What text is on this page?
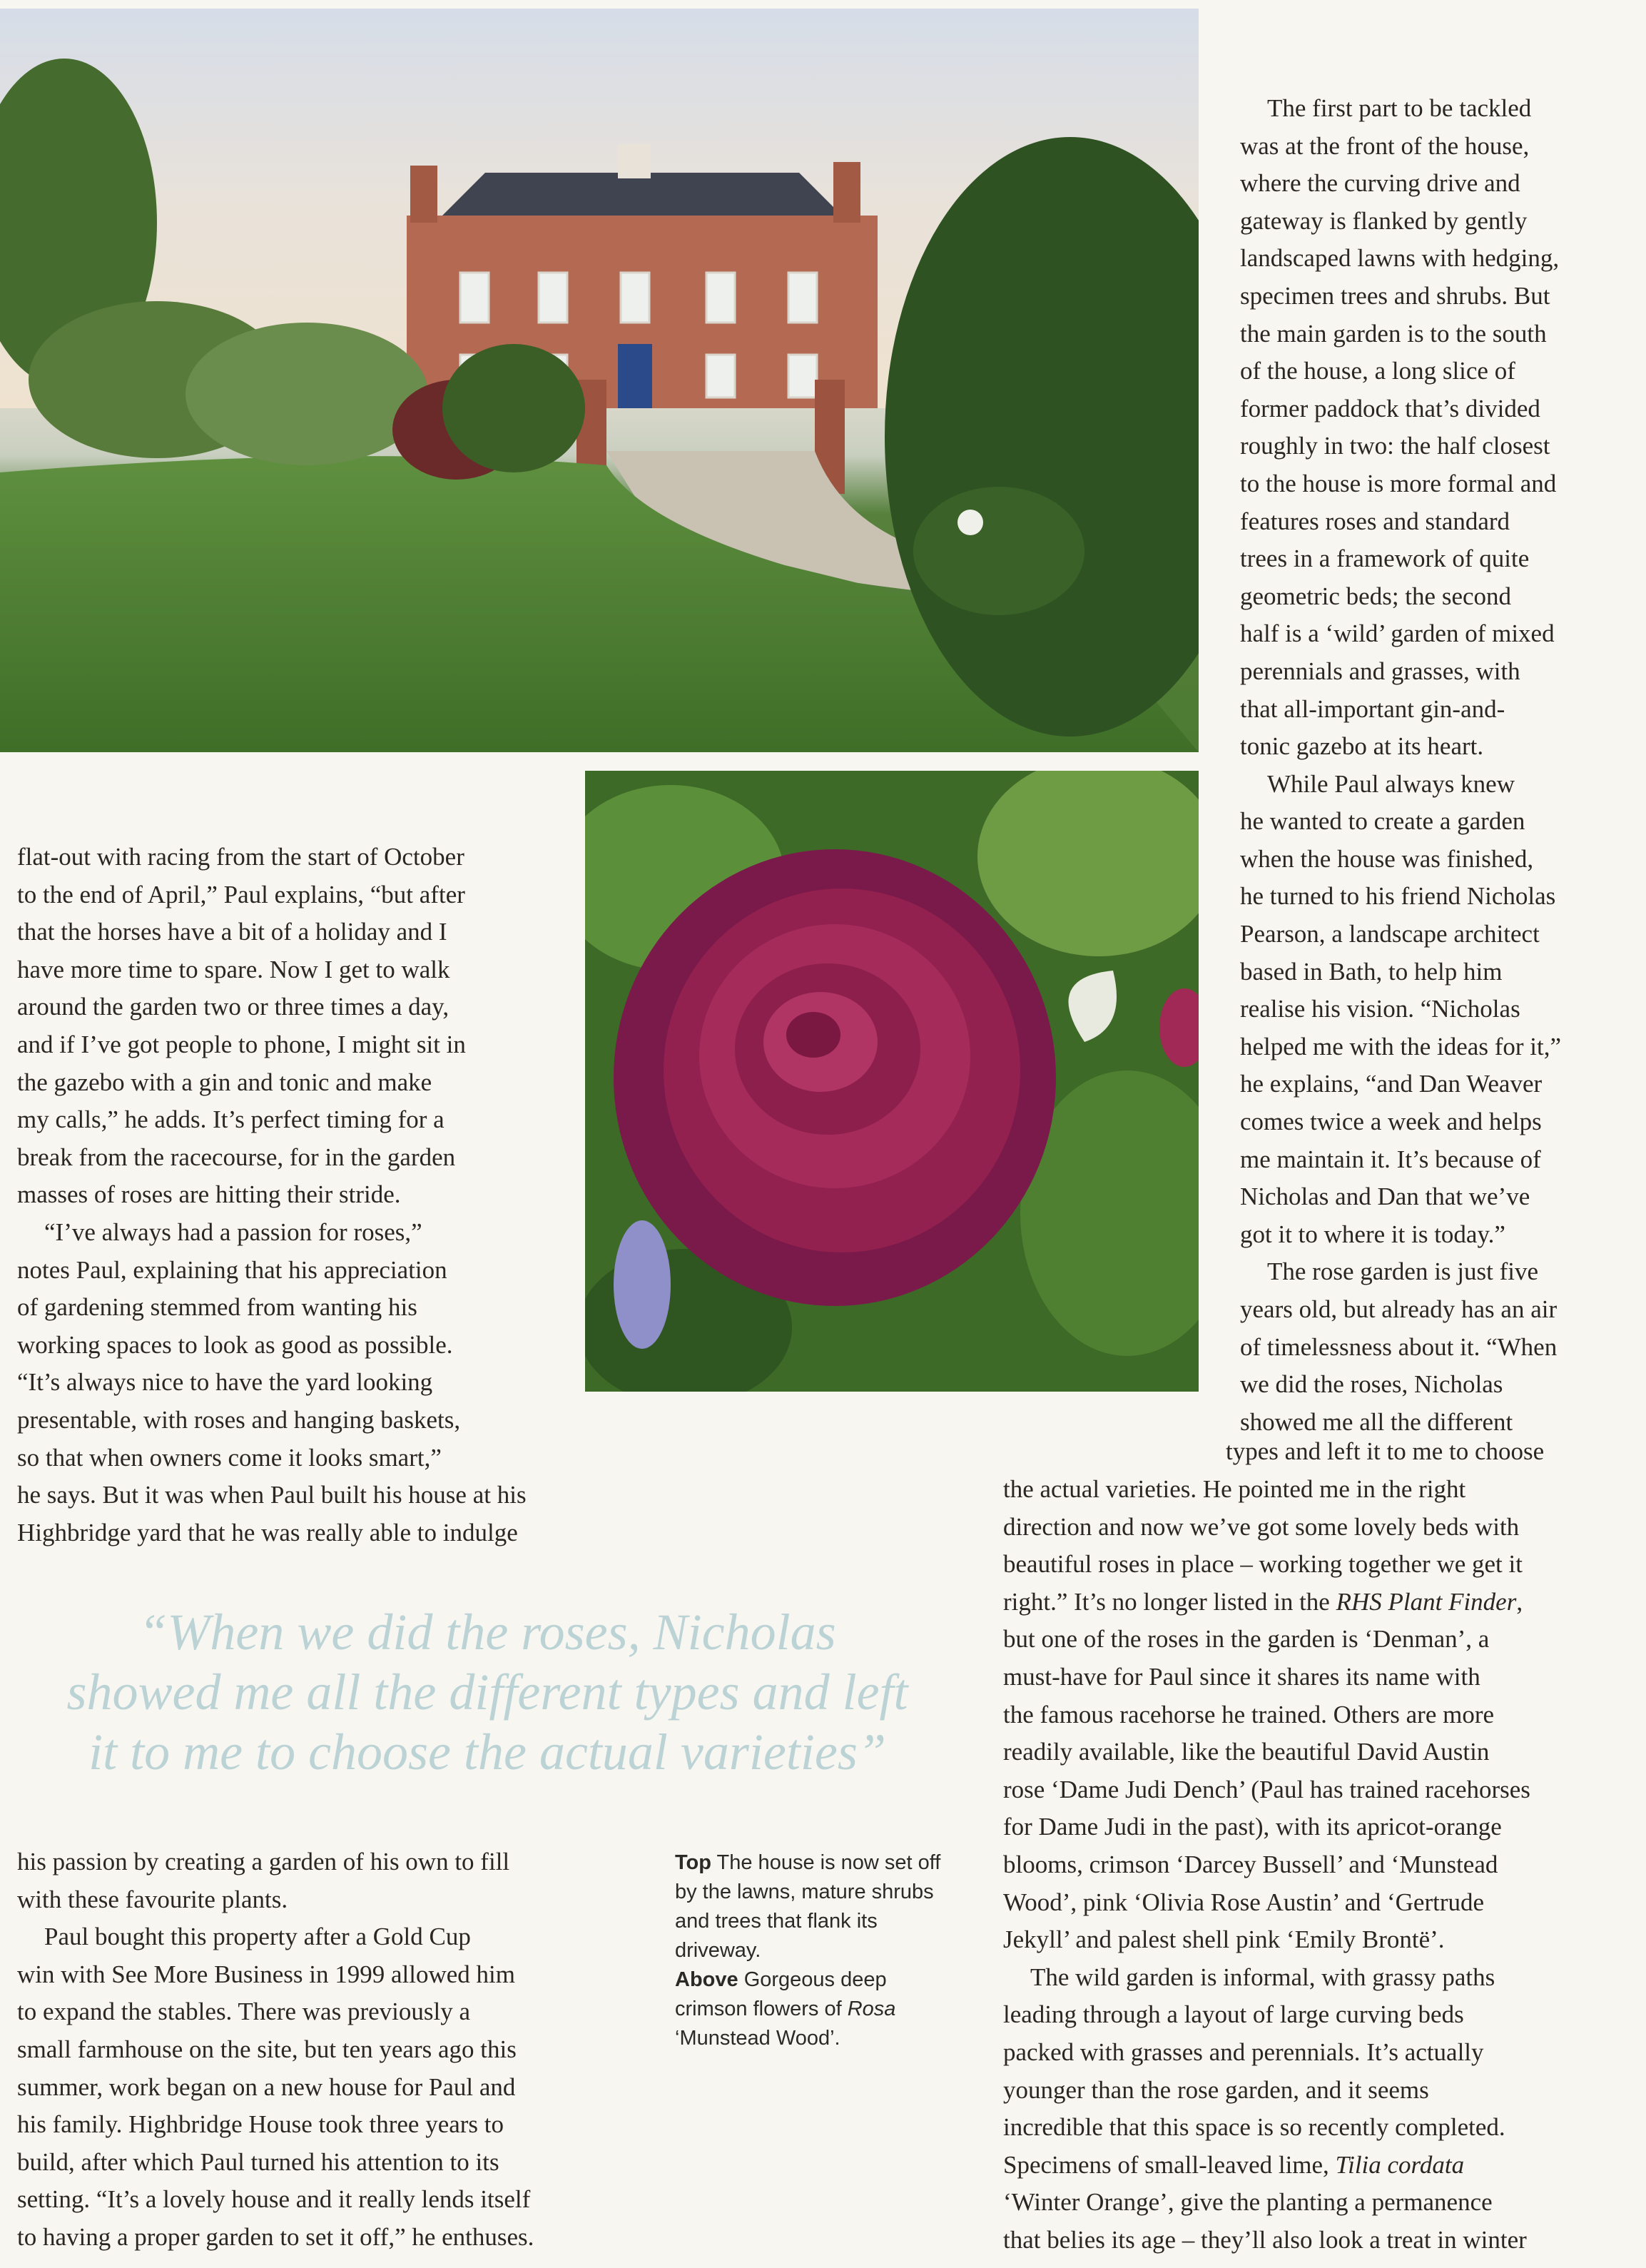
The first part to be tackled

was at the front of the house,

where the curving drive and

gateway is flanked by gently

landscaped lawns with hedging,

specimen trees and shrubs. But

the main garden is to the south

of the house, a long slice of

former paddock that’s divided

roughly in two: the half closest

to the house is more formal and

features roses and standard

trees in a framework of quite

geometric beds; the second

half is a ‘wild’ garden of mixed

perennials and grasses, with

that all-important gin-and-

tonic gazebo at its heart.

While Paul always knew

he wanted to create a garden

when the house was finished,

he turned to his friend Nicholas

Pearson, a landscape architect

based in Bath, to help him

realise his vision. “Nicholas

helped me with the ideas for it,”

he explains, “and Dan Weaver

comes twice a week and helps

me maintain it. It’s because of

Nicholas and Dan that we’ve

got it to where it is today.”

The rose garden is just five

years old, but already has an air

of timelessness about it. “When

we did the roses, Nicholas

showed me all the different

types and left it to me to choose

the actual varieties. He pointed me in the right

direction and now we’ve got some lovely beds with

beautiful roses in place – working together we get it

right.” It’s no longer listed in the RHS Plant Finder,

but one of the roses in the garden is ‘Denman’, a

must-have for Paul since it shares its name with

the famous racehorse he trained. Others are more

readily available, like the beautiful David Austin

rose ‘Dame Judi Dench’ (Paul has trained racehorses

for Dame Judi in the past), with its apricot-orange

blooms, crimson ‘Darcey Bussell’ and ‘Munstead

Wood’, pink ‘Olivia Rose Austin’ and ‘Gertrude

Jekyll’ and palest shell pink ‘Emily Brontë’.

The wild garden is informal, with grassy paths

leading through a layout of large curving beds

packed with grasses and perennials. It’s actually

younger than the rose garden, and it seems

incredible that this space is so recently completed.

Specimens of small-leaved lime, Tilia cordata

‘Winter Orange’, give the planting a permanence

that belies its age – they’ll also look a treat in winter

flat-out with racing from the start of October

to the end of April,” Paul explains, “but after

that the horses have a bit of a holiday and I

have more time to spare. Now I get to walk

around the garden two or three times a day,

and if I’ve got people to phone, I might sit in

the gazebo with a gin and tonic and make

my calls,” he adds. It’s perfect timing for a

break from the racecourse, for in the garden

masses of roses are hitting their stride.

“I’ve always had a passion for roses,”

notes Paul, explaining that his appreciation

of gardening stemmed from wanting his

working spaces to look as good as possible.

“It’s always nice to have the yard looking

presentable, with roses and hanging baskets,

so that when owners come it looks smart,”

he says. But it was when Paul built his house at his

Highbridge yard that he was really able to indulge

“When we did the roses, Nicholas
showed me all the different types and left
it to me to choose the actual varieties”

his passion by creating a garden of his own to fill

with these favourite plants.

Paul bought this property after a Gold Cup

win with See More Business in 1999 allowed him

to expand the stables. There was previously a

small farmhouse on the site, but ten years ago this

summer, work began on a new house for Paul and

his family. Highbridge House took three years to

build, after which Paul turned his attention to its

setting. “It’s a lovely house and it really lends itself

to having a proper garden to set it off,” he enthuses.

Top The house is now set off by the lawns, mature shrubs and trees that flank its driveway.
Above Gorgeous deep crimson flowers of Rosa ‘Munstead Wood’.
